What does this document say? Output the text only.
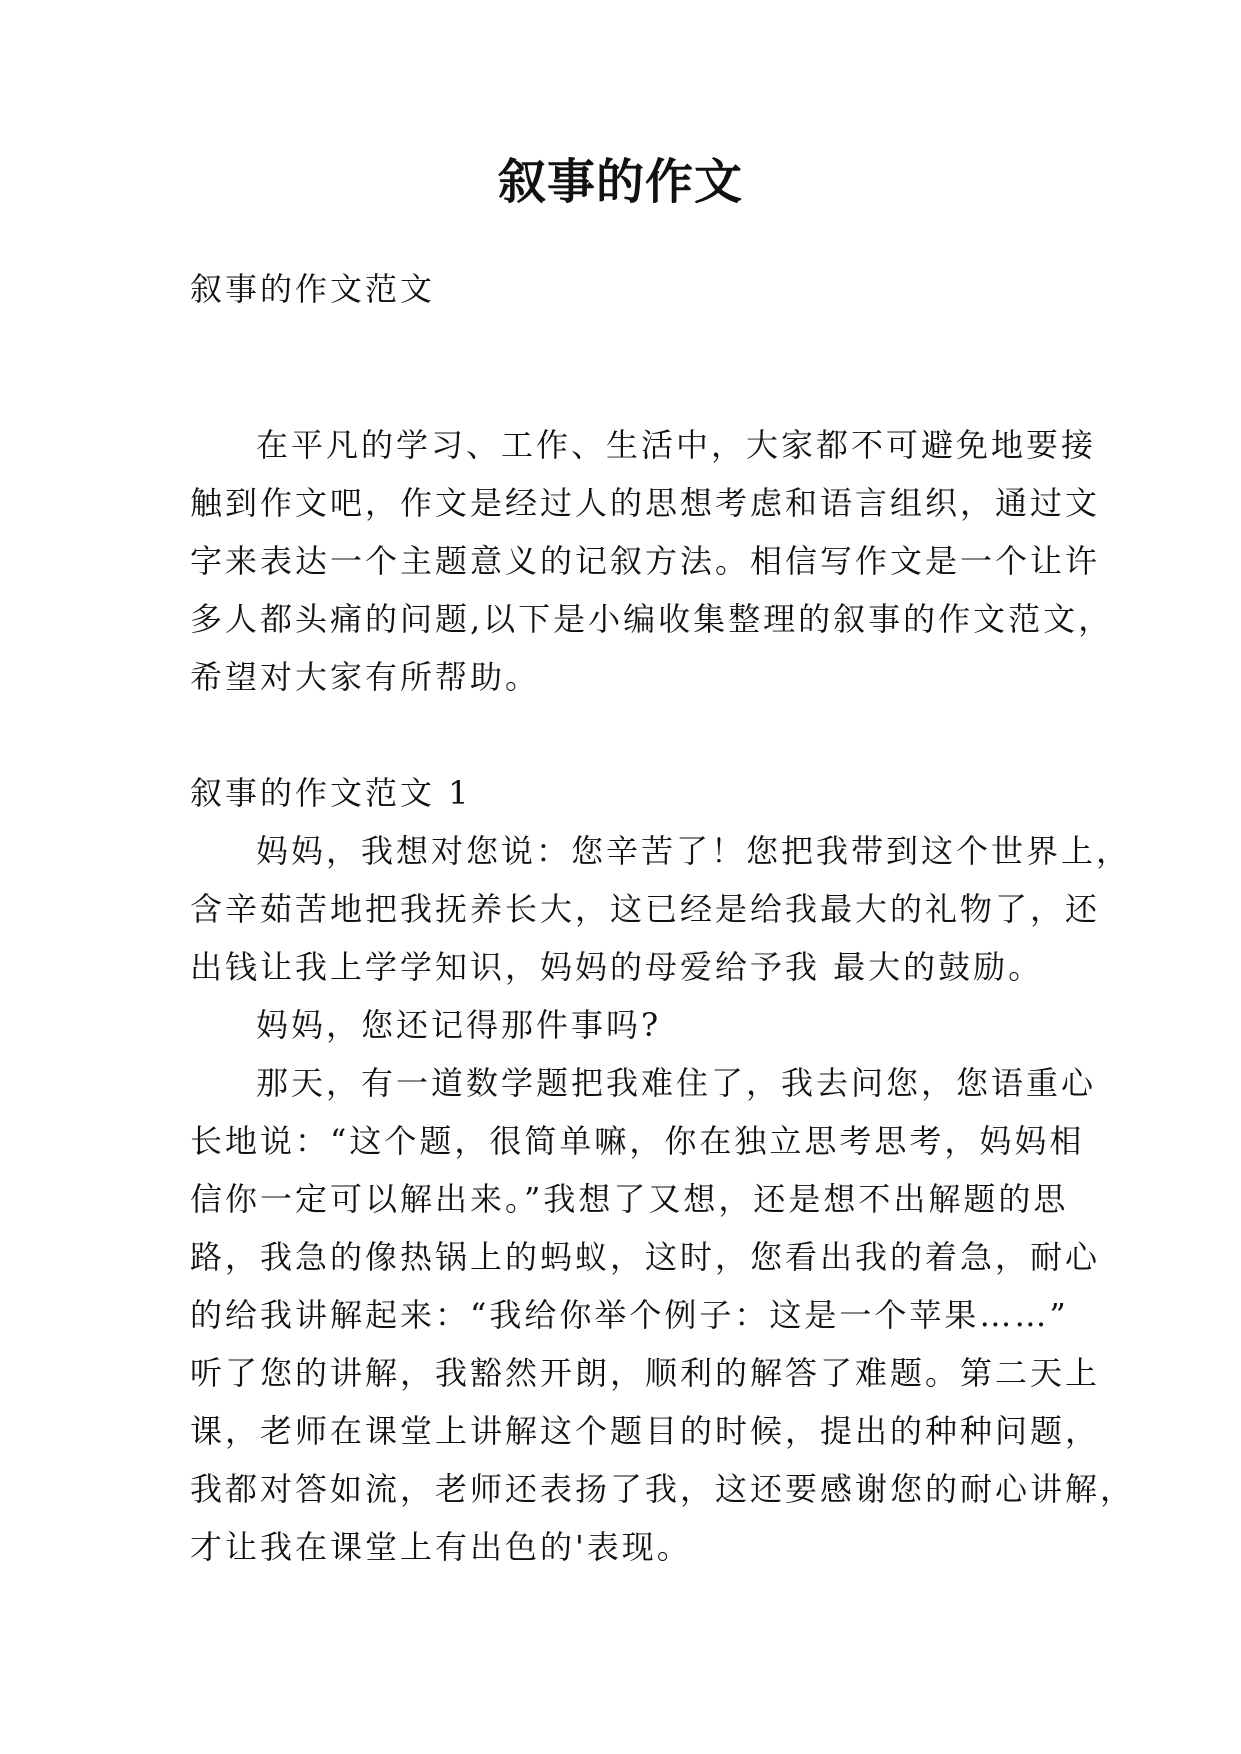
叙事的作文
叙事的作文范文
在平凡的学习、工作、生活中，大家都不可避免地要接
触到作文吧，作文是经过人的思想考虑和语言组织，通过文
字来表达一个主题意义的记叙方法。相信写作文是一个让许
多人都头痛的问题,以下是小编收集整理的叙事的作文范文，
希望对大家有所帮助。
叙事的作文范文 1
妈妈，我想对您说：您辛苦了！您把我带到这个世界上，
含辛茹苦地把我抚养长大，这已经是给我最大的礼物了，还
出钱让我上学学知识，妈妈的母爱给予我 最大的鼓励。
妈妈，您还记得那件事吗?
那天，有一道数学题把我难住了，我去问您，您语重心
长地说：“这个题，很简单嘛，你在独立思考思考，妈妈相
信你一定可以解出来。”我想了又想，还是想不出解题的思
路，我急的像热锅上的蚂蚁，这时，您看出我的着急，耐心
的给我讲解起来：“我给你举个例子：这是一个苹果……”
听了您的讲解，我豁然开朗，顺利的解答了难题。第二天上
课，老师在课堂上讲解这个题目的时候，提出的种种问题，
我都对答如流，老师还表扬了我，这还要感谢您的耐心讲解，
才让我在课堂上有出色的'表现。
